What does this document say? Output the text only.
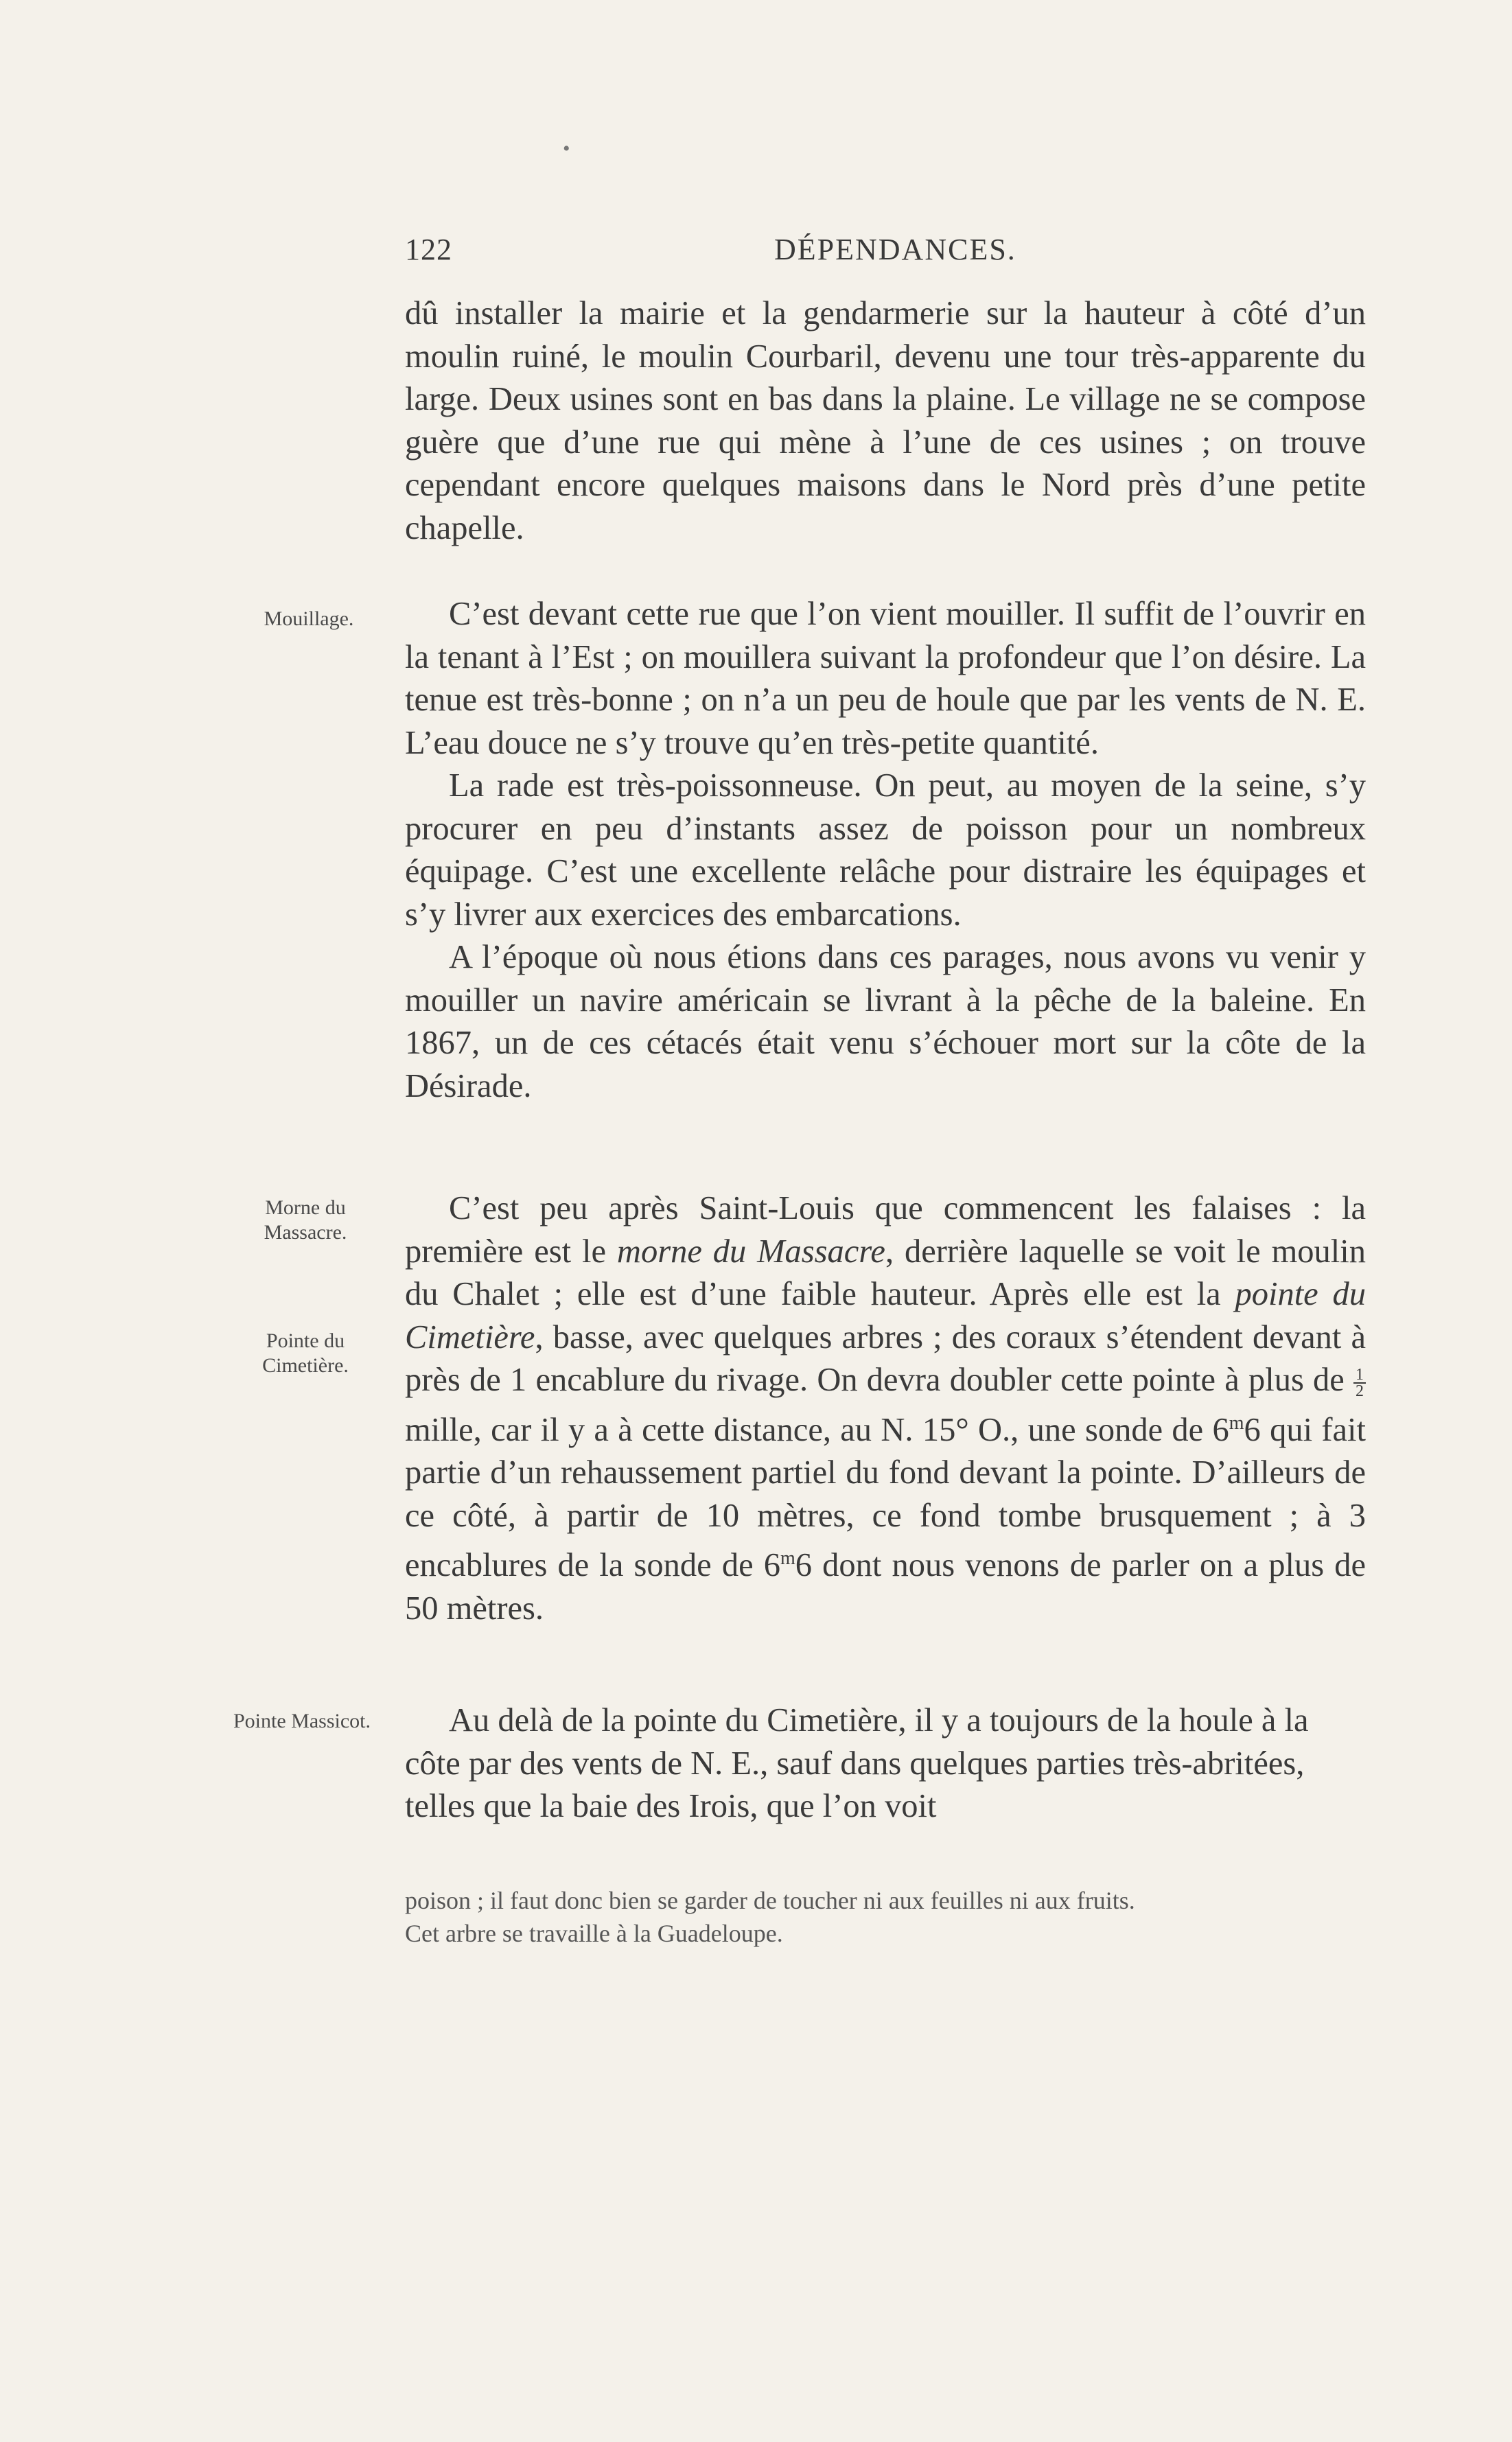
•
122	DÉPENDANCES.
Mouillage.
Morne du Massacre.
Pointe du Cimetière.
Pointe Massicot.

dû installer la mairie et la gendarmerie sur la hauteur à côté d’un moulin ruiné, le moulin Courbaril, devenu une tour très-apparente du large. Deux usines sont en bas dans la plaine. Le village ne se compose guère que d’une rue qui mène à l’une de ces usines ; on trouve cependant encore quelques maisons dans le Nord près d’une petite chapelle.

C’est devant cette rue que l’on vient mouiller. Il suffit de l’ouvrir en la tenant à l’Est ; on mouillera suivant la profondeur que l’on désire. La tenue est très-bonne ; on n’a un peu de houle que par les vents de N. E. L’eau douce ne s’y trouve qu’en très-petite quantité.

La rade est très-poissonneuse. On peut, au moyen de la seine, s’y procurer en peu d’instants assez de poisson pour un nombreux équipage. C’est une excellente relâche pour distraire les équipages et s’y livrer aux exercices des embarcations.

A l’époque où nous étions dans ces parages, nous avons vu venir y mouiller un navire américain se livrant à la pêche de la baleine. En 1867, un de ces cétacés était venu s’échouer mort sur la côte de la Désirade.

C’est peu après Saint-Louis que commencent les falaises : la première est le morne du Massacre, derrière laquelle se voit le moulin du Chalet ; elle est d’une faible hauteur. Après elle est la pointe du Cimetière, basse, avec quelques arbres ; des coraux s’étendent devant à près de 1 encablure du rivage. On devra doubler cette pointe à plus de $\frac{1}{2}$
mille, car il y a à cette distance, au N. 15° O., une sonde de 6$^m$6 qui fait partie d’un rehaussement partiel du fond devant la pointe. D’ailleurs de ce côté, à partir de 10 mètres, ce fond tombe brusquement ; à 3 encablures de la sonde de 6$^m$6 dont nous venons de parler on a plus de 50 mètres.

Au delà de la pointe du Cimetière, il y a toujours de la houle à la côte par des vents de N. E., sauf dans quelques parties très-abritées, telles que la baie des Irois, que l’on voit

poison ; il faut donc bien se garder de toucher ni aux feuilles ni aux fruits.

Cet arbre se travaille à la Guadeloupe.
